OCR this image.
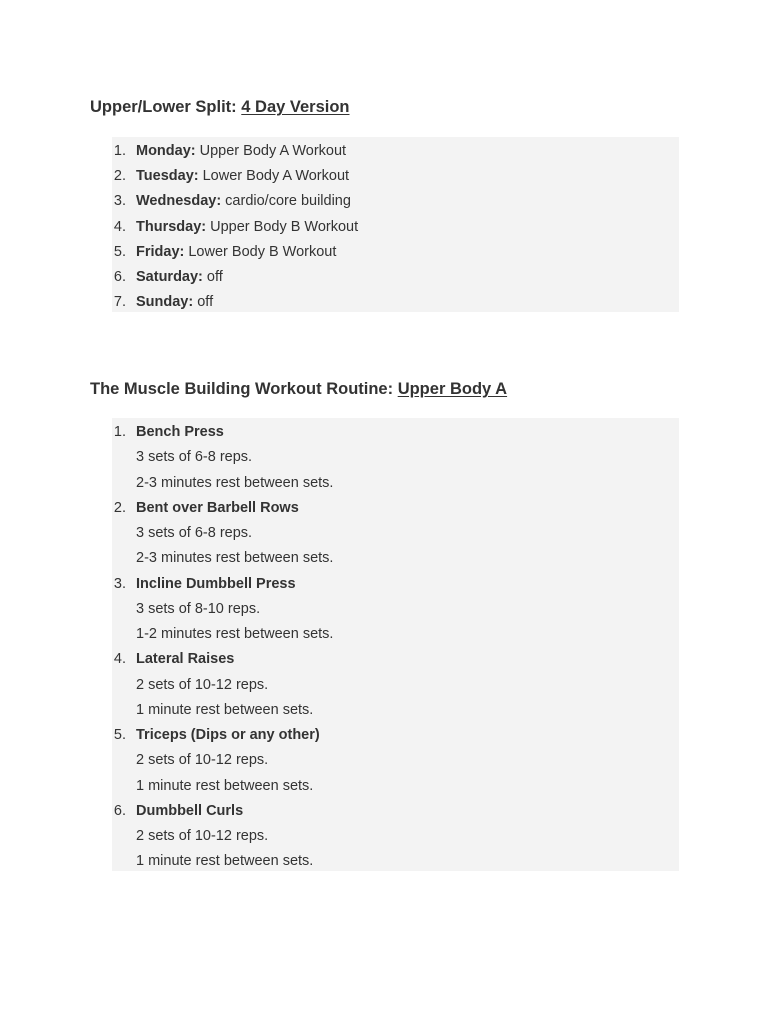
Upper/Lower Split: 4 Day Version
1. Monday: Upper Body A Workout
2. Tuesday: Lower Body A Workout
3. Wednesday: cardio/core building
4. Thursday: Upper Body B Workout
5. Friday: Lower Body B Workout
6. Saturday: off
7. Sunday: off
The Muscle Building Workout Routine: Upper Body A
1. Bench Press
3 sets of 6-8 reps.
2-3 minutes rest between sets.
2. Bent over Barbell Rows
3 sets of 6-8 reps.
2-3 minutes rest between sets.
3. Incline Dumbbell Press
3 sets of 8-10 reps.
1-2 minutes rest between sets.
4. Lateral Raises
2 sets of 10-12 reps.
1 minute rest between sets.
5. Triceps (Dips or any other)
2 sets of 10-12 reps.
1 minute rest between sets.
6. Dumbbell Curls
2 sets of 10-12 reps.
1 minute rest between sets.
